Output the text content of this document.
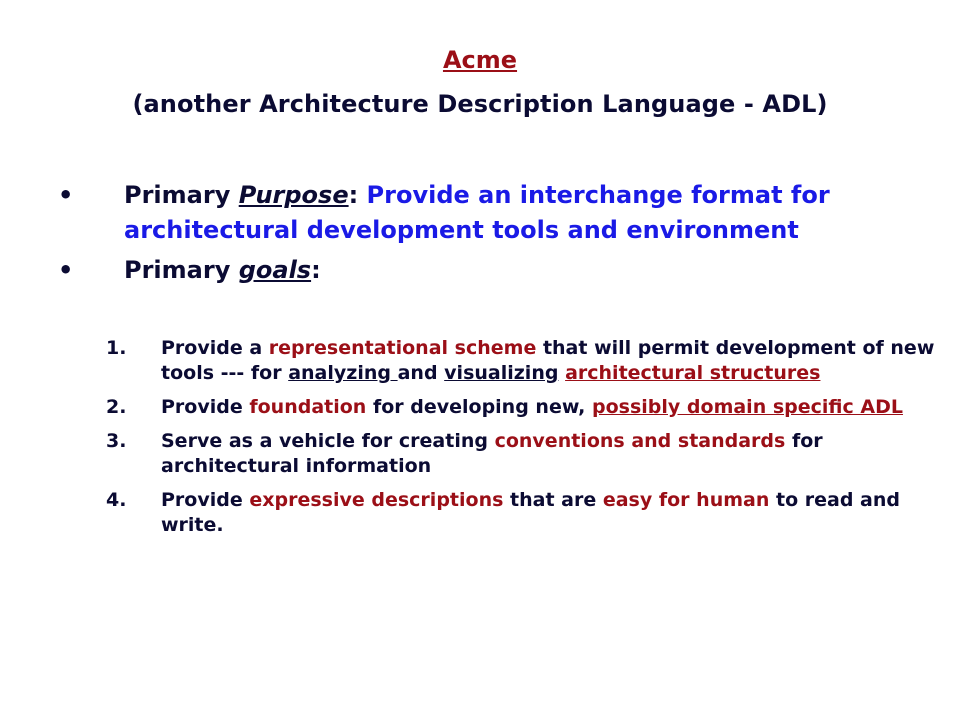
Acme
(another Architecture Description Language - ADL)
• Primary Purpose: Provide an interchange format for architectural development tools and environment
• Primary goals:
1.	Provide a representational scheme that will permit development of new tools --- for analyzing and visualizing architectural structures
2.	Provide foundation for developing new, possibly domain specific ADL
3.	Serve as a vehicle for creating conventions and standards for architectural information
4.	Provide expressive descriptions that are easy for human to read and write.
